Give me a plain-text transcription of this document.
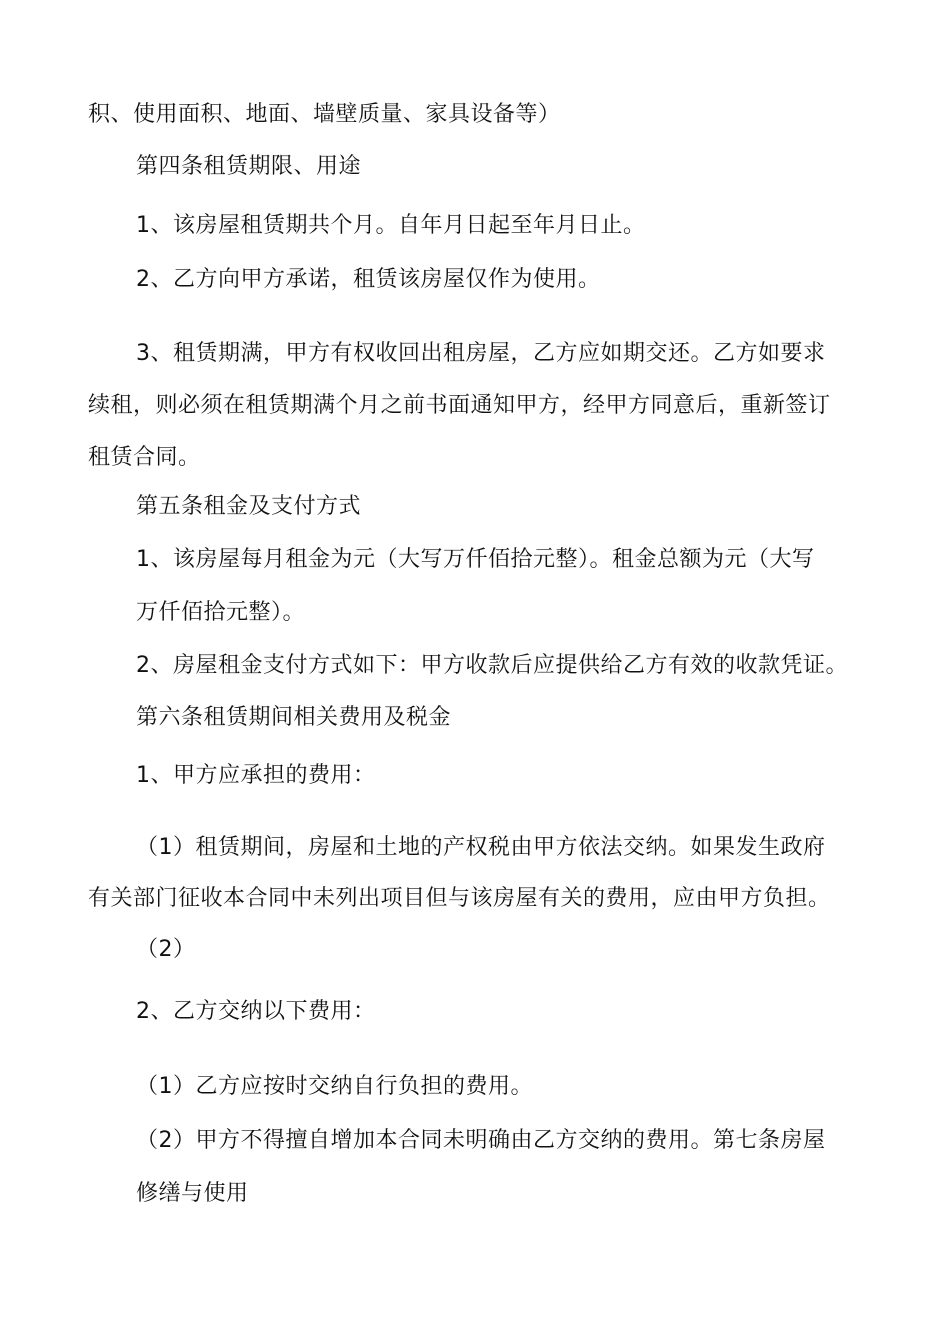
积、使用面积、地面、墙壁质量、家具设备等）
第四条租赁期限、用途
1、该房屋租赁期共个月。自年月日起至年月日止。
2、乙方向甲方承诺，租赁该房屋仅作为使用。
3、租赁期满，甲方有权收回出租房屋，乙方应如期交还。乙方如要求
续租，则必须在租赁期满个月之前书面通知甲方，经甲方同意后，重新签订
租赁合同。
第五条租金及支付方式
1、该房屋每月租金为元（大写万仟佰拾元整）。租金总额为元（大写
万仟佰拾元整）。
2、房屋租金支付方式如下：甲方收款后应提供给乙方有效的收款凭证。
第六条租赁期间相关费用及税金
1、甲方应承担的费用：
（1）租赁期间，房屋和土地的产权税由甲方依法交纳。如果发生政府
有关部门征收本合同中未列出项目但与该房屋有关的费用，应由甲方负担。
（2）
2、乙方交纳以下费用：
（1）乙方应按时交纳自行负担的费用。
（2）甲方不得擅自增加本合同未明确由乙方交纳的费用。第七条房屋
修缮与使用
